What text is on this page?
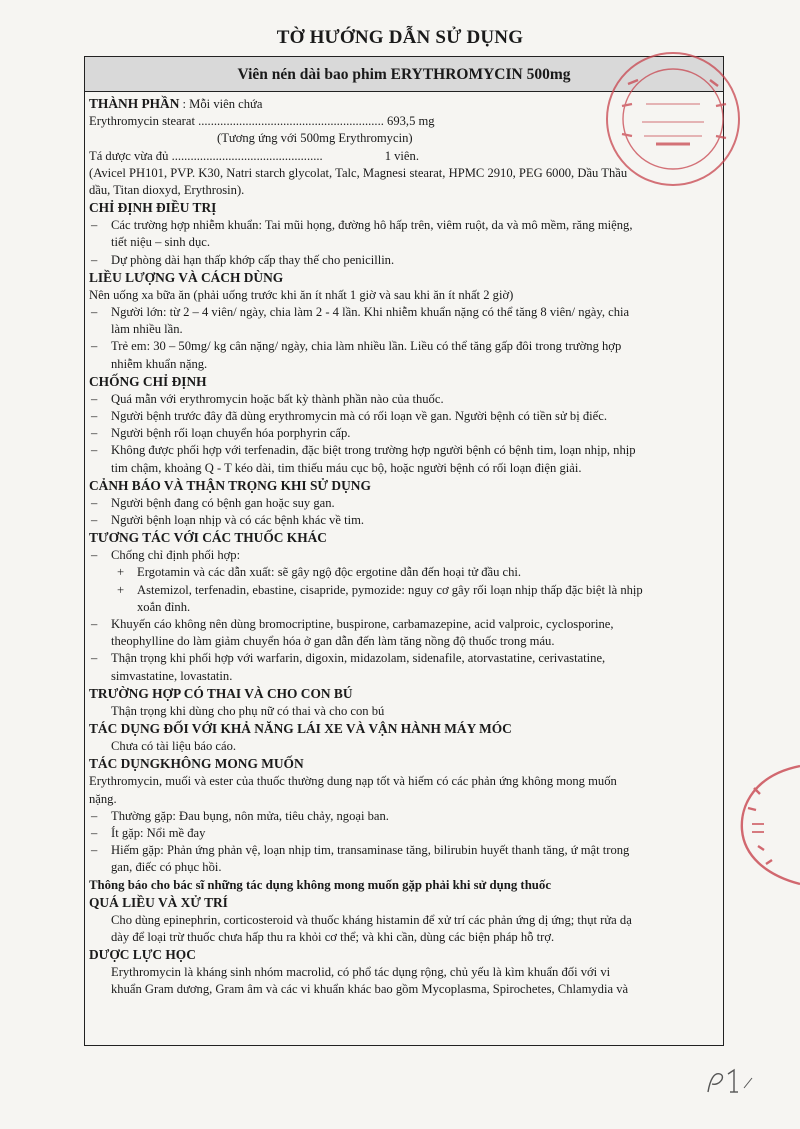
TỜ HƯỚNG DẪN SỬ DỤNG
Viên nén dài bao phim ERYTHROMYCIN 500mg
THÀNH PHẦN : Mỗi viên chứa
Erythromycin stearat ........................................................... 693,5 mg
(Tương ứng với 500mg Erythromycin)
Tá dược vừa đủ ................................................	1 viên.
(Avicel PH101, PVP. K30, Natri starch glycolat, Talc, Magnesi stearat, HPMC 2910, PEG 6000, Dầu Thầu
dầu, Titan dioxyd, Erythrosin).
CHỈ ĐỊNH ĐIỀU TRỊ
– Các trường hợp nhiễm khuẩn: Tai mũi họng, đường hô hấp trên, viêm ruột, da và mô mềm, răng miệng,
tiết niệu – sinh dục.
– Dự phòng dài hạn thấp khớp cấp thay thế cho penicillin.
LIỀU LƯỢNG VÀ CÁCH DÙNG
Nên uống xa bữa ăn (phải uống trước khi ăn ít nhất 1 giờ và sau khi ăn ít nhất 2 giờ)
– Người lớn: từ 2 – 4 viên/ ngày, chia làm 2 - 4 lần. Khi nhiễm khuẩn nặng có thể tăng 8 viên/ ngày, chia
làm nhiều lần.
– Trẻ em: 30 – 50mg/ kg cân nặng/ ngày, chia làm nhiều lần. Liều có thể tăng gấp đôi trong trường hợp
nhiễm khuẩn nặng.
CHỐNG CHỈ ĐỊNH
– Quá mẫn với erythromycin hoặc bất kỳ thành phần nào của thuốc.
– Người bệnh trước đây đã dùng erythromycin mà có rối loạn về gan. Người bệnh có tiền sử bị điếc.
– Người bệnh rối loạn chuyển hóa porphyrin cấp.
– Không được phối hợp với terfenadin, đặc biệt trong trường hợp người bệnh có bệnh tim, loạn nhịp, nhịp
tim chậm, khoảng Q - T kéo dài, tim thiếu máu cục bộ, hoặc người bệnh có rối loạn điện giải.
CẢNH BÁO VÀ THẬN TRỌNG KHI SỬ DỤNG
– Người bệnh đang có bệnh gan hoặc suy gan.
– Người bệnh loạn nhịp và có các bệnh khác về tim.
TƯƠNG TÁC VỚI CÁC THUỐC KHÁC
– Chống chỉ định phối hợp:
+ Ergotamin và các dẫn xuất: sẽ gây ngộ độc ergotine dẫn đến hoại tử đầu chi.
+ Astemizol, terfenadin, ebastine, cisapride, pymozide: nguy cơ gây rối loạn nhịp thấp đặc biệt là nhịp
xoắn đỉnh.
– Khuyến cáo không nên dùng bromocriptine, buspirone, carbamazepine, acid valproic, cyclosporine,
theophylline do làm giảm chuyển hóa ở gan dẫn đến làm tăng nồng độ thuốc trong máu.
– Thận trọng khi phối hợp với warfarin, digoxin, midazolam, sidenafile, atorvastatine, cerivastatine,
simvastatine, lovastatin.
TRƯỜNG HỢP CÓ THAI VÀ CHO CON BÚ
Thận trọng khi dùng cho phụ nữ có thai và cho con bú
TÁC DỤNG ĐỐI VỚI KHẢ NĂNG LÁI XE VÀ VẬN HÀNH MÁY MÓC
Chưa có tài liệu báo cáo.
TÁC DỤNGKHÔNG MONG MUỐN
Erythromycin, muối và ester của thuốc thường dung nạp tốt và hiếm có các phản ứng không mong muốn
nặng.
– Thường gặp: Đau bụng, nôn mửa, tiêu chảy, ngoại ban.
– Ít gặp: Nổi mề đay
– Hiếm gặp: Phản ứng phản vệ, loạn nhịp tim, transaminase tăng, bilirubin huyết thanh tăng, ứ mật trong
gan, điếc có phục hồi.
Thông báo cho bác sĩ những tác dụng không mong muốn gặp phải khi sử dụng thuốc
QUÁ LIỀU VÀ XỬ TRÍ
Cho dùng epinephrin, corticosteroid và thuốc kháng histamin để xử trí các phản ứng dị ứng; thụt rửa dạ
dày để loại trừ thuốc chưa hấp thu ra khỏi cơ thể; và khi cần, dùng các biện pháp hỗ trợ.
DƯỢC LỰC HỌC
Erythromycin là kháng sinh nhóm macrolid, có phổ tác dụng rộng, chủ yếu là kìm khuẩn đối với vi
khuẩn Gram dương, Gram âm và các vi khuẩn khác bao gồm Mycoplasma, Spirochetes, Chlamydia và
